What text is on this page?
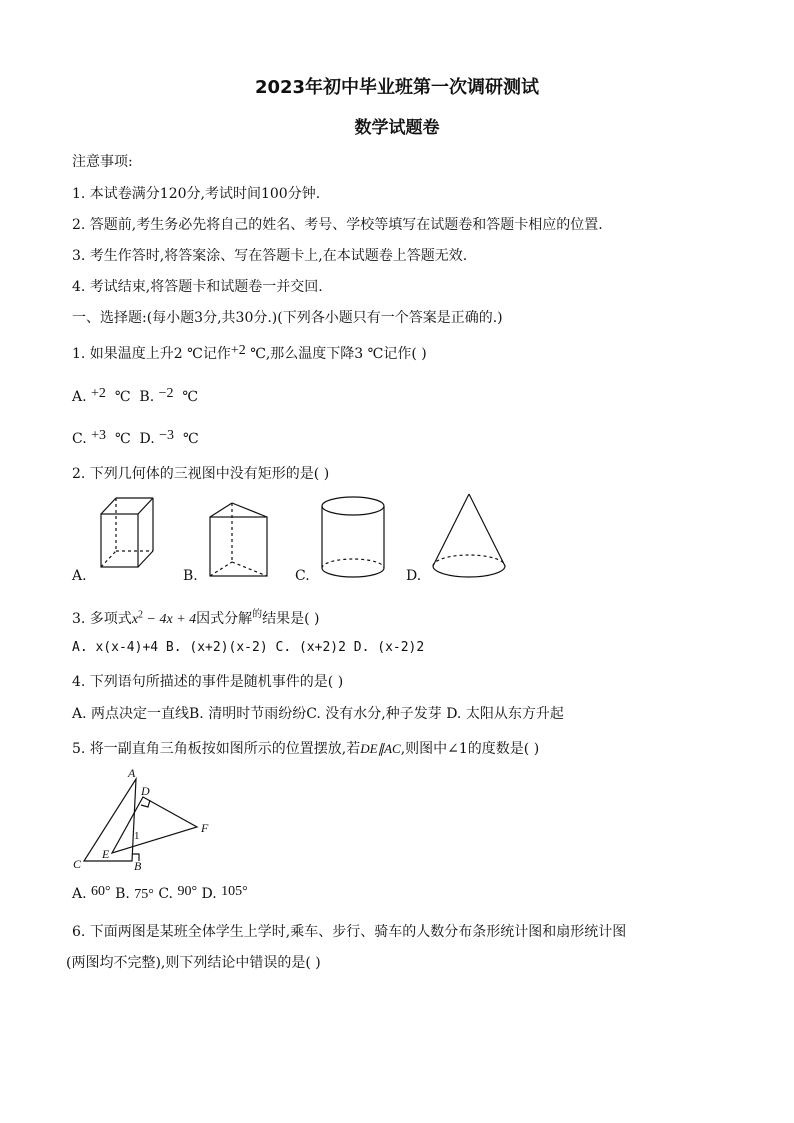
2023年初中毕业班第一次调研测试
数学试题卷
注意事项:
1. 本试卷满分120分,考试时间100分钟.
2. 答题前,考生务必先将自己的姓名、考号、学校等填写在试题卷和答题卡相应的位置.
3. 考生作答时,将答案涂、写在答题卡上,在本试题卷上答题无效.
4. 考试结束,将答题卡和试题卷一并交回.
一、选择题:(每小题3分,共30分.)(下列各小题只有一个答案是正确的.)
1. 如果温度上升2 ℃记作+2 ℃,那么温度下降3 ℃记作( )
A. +2 ℃ B. −2 ℃
C. +3 ℃ D. −3 ℃
2. 下列几何体的三视图中没有矩形的是( )
A.	B.	C.	D.
3. 多项式$x^2 - 4x + 4$因式分解$^的$结果是( )
A. x(x-4)+4 B. (x+2)(x-2) C. (x+2)2 D. (x-2)2
4. 下列语句所描述的事件是随机事件的是( )
A. 两点决定一直线B. 清明时节雨纷纷C. 没有水分,种子发芽 D. 太阳从东方升起
5. 将一副直角三角板按如图所示的位置摆放,若DE∥AC,则图中∠1的度数是( )
A
D
F
1
E
C	B
A. 60° B. 75° C. 90° D. 105°
6. 下面两图是某班全体学生上学时,乘车、步行、骑车的人数分布条形统计图和扇形统计图
(两图均不完整),则下列结论中错误的是( )
